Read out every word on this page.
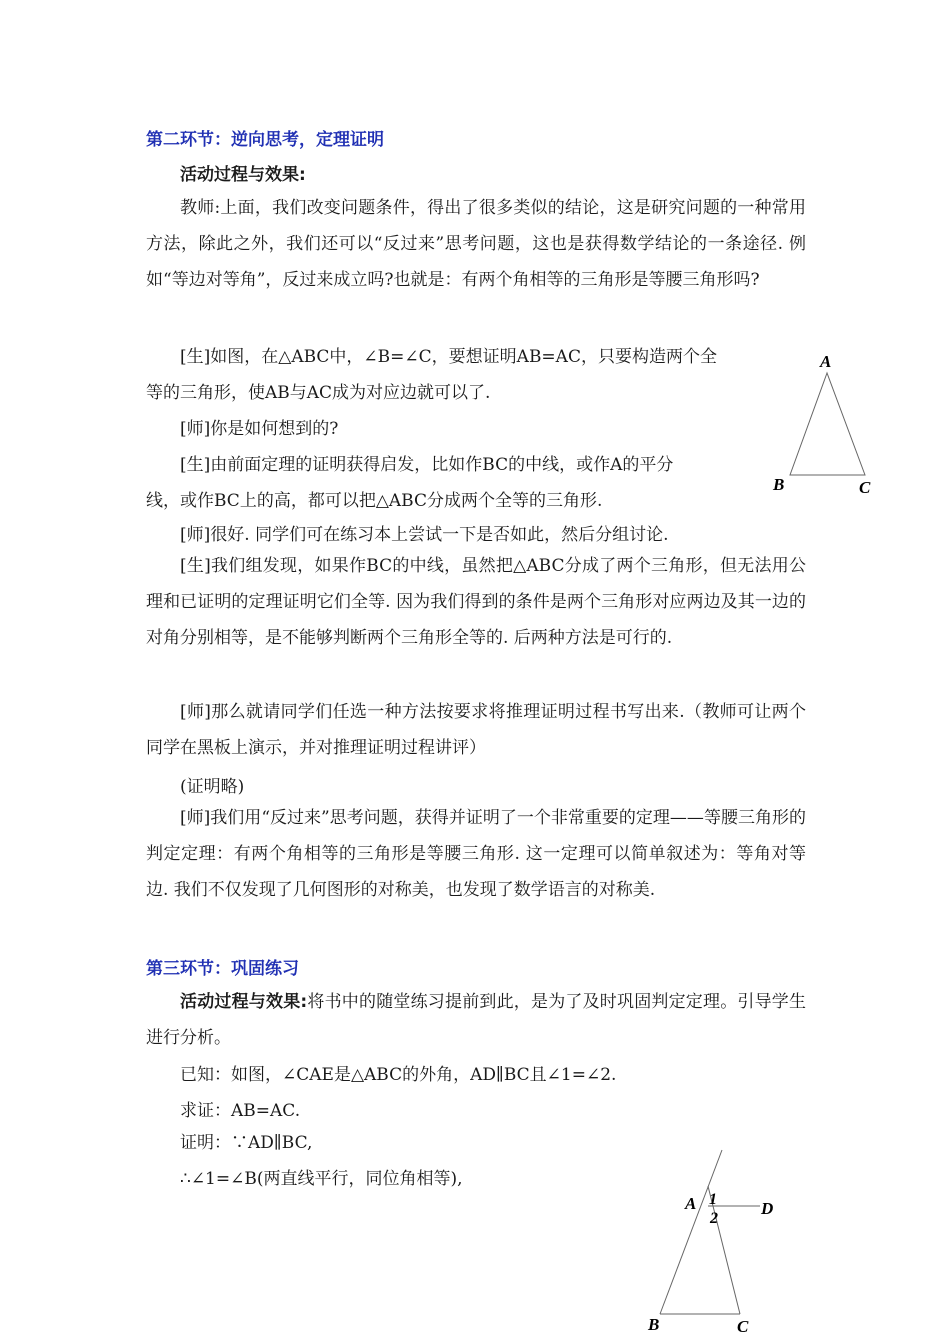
第二环节：逆向思考，定理证明
活动过程与效果:
教师:上面，我们改变问题条件，得出了很多类似的结论，这是研究问题的一种常用方法，除此之外，我们还可以“反过来”思考问题，这也是获得数学结论的一条途径. 例如“等边对等角”，反过来成立吗?也就是：有两个角相等的三角形是等腰三角形吗?
[生]如图，在△ABC中，∠B=∠C，要想证明AB=AC，只要构造两个全
等的三角形，使AB与AC成为对应边就可以了.
[师]你是如何想到的?
[生]由前面定理的证明获得启发，比如作BC的中线，或作A的平分
线，或作BC上的高，都可以把△ABC分成两个全等的三角形.
[师]很好. 同学们可在练习本上尝试一下是否如此，然后分组讨论.
[生]我们组发现，如果作BC的中线，虽然把△ABC分成了两个三角形，但无法用公理和已证明的定理证明它们全等. 因为我们得到的条件是两个三角形对应两边及其一边的对角分别相等，是不能够判断两个三角形全等的. 后两种方法是可行的.
[师]那么就请同学们任选一种方法按要求将推理证明过程书写出来.（教师可让两个同学在黑板上演示，并对推理证明过程讲评）
(证明略)
[师]我们用“反过来”思考问题，获得并证明了一个非常重要的定理——等腰三角形的判定定理：有两个角相等的三角形是等腰三角形. 这一定理可以简单叙述为：等角对等边. 我们不仅发现了几何图形的对称美，也发现了数学语言的对称美.
A
B	C
第三环节：巩固练习
活动过程与效果:将书中的随堂练习提前到此，是为了及时巩固判定定理。引导学生进行分析。
已知：如图，∠CAE是△ABC的外角，AD∥BC且∠1=∠2.
求证：AB=AC.
证明：∵AD∥BC,
∴∠1=∠B(两直线平行，同位角相等),
A 1
2
D
B	C
